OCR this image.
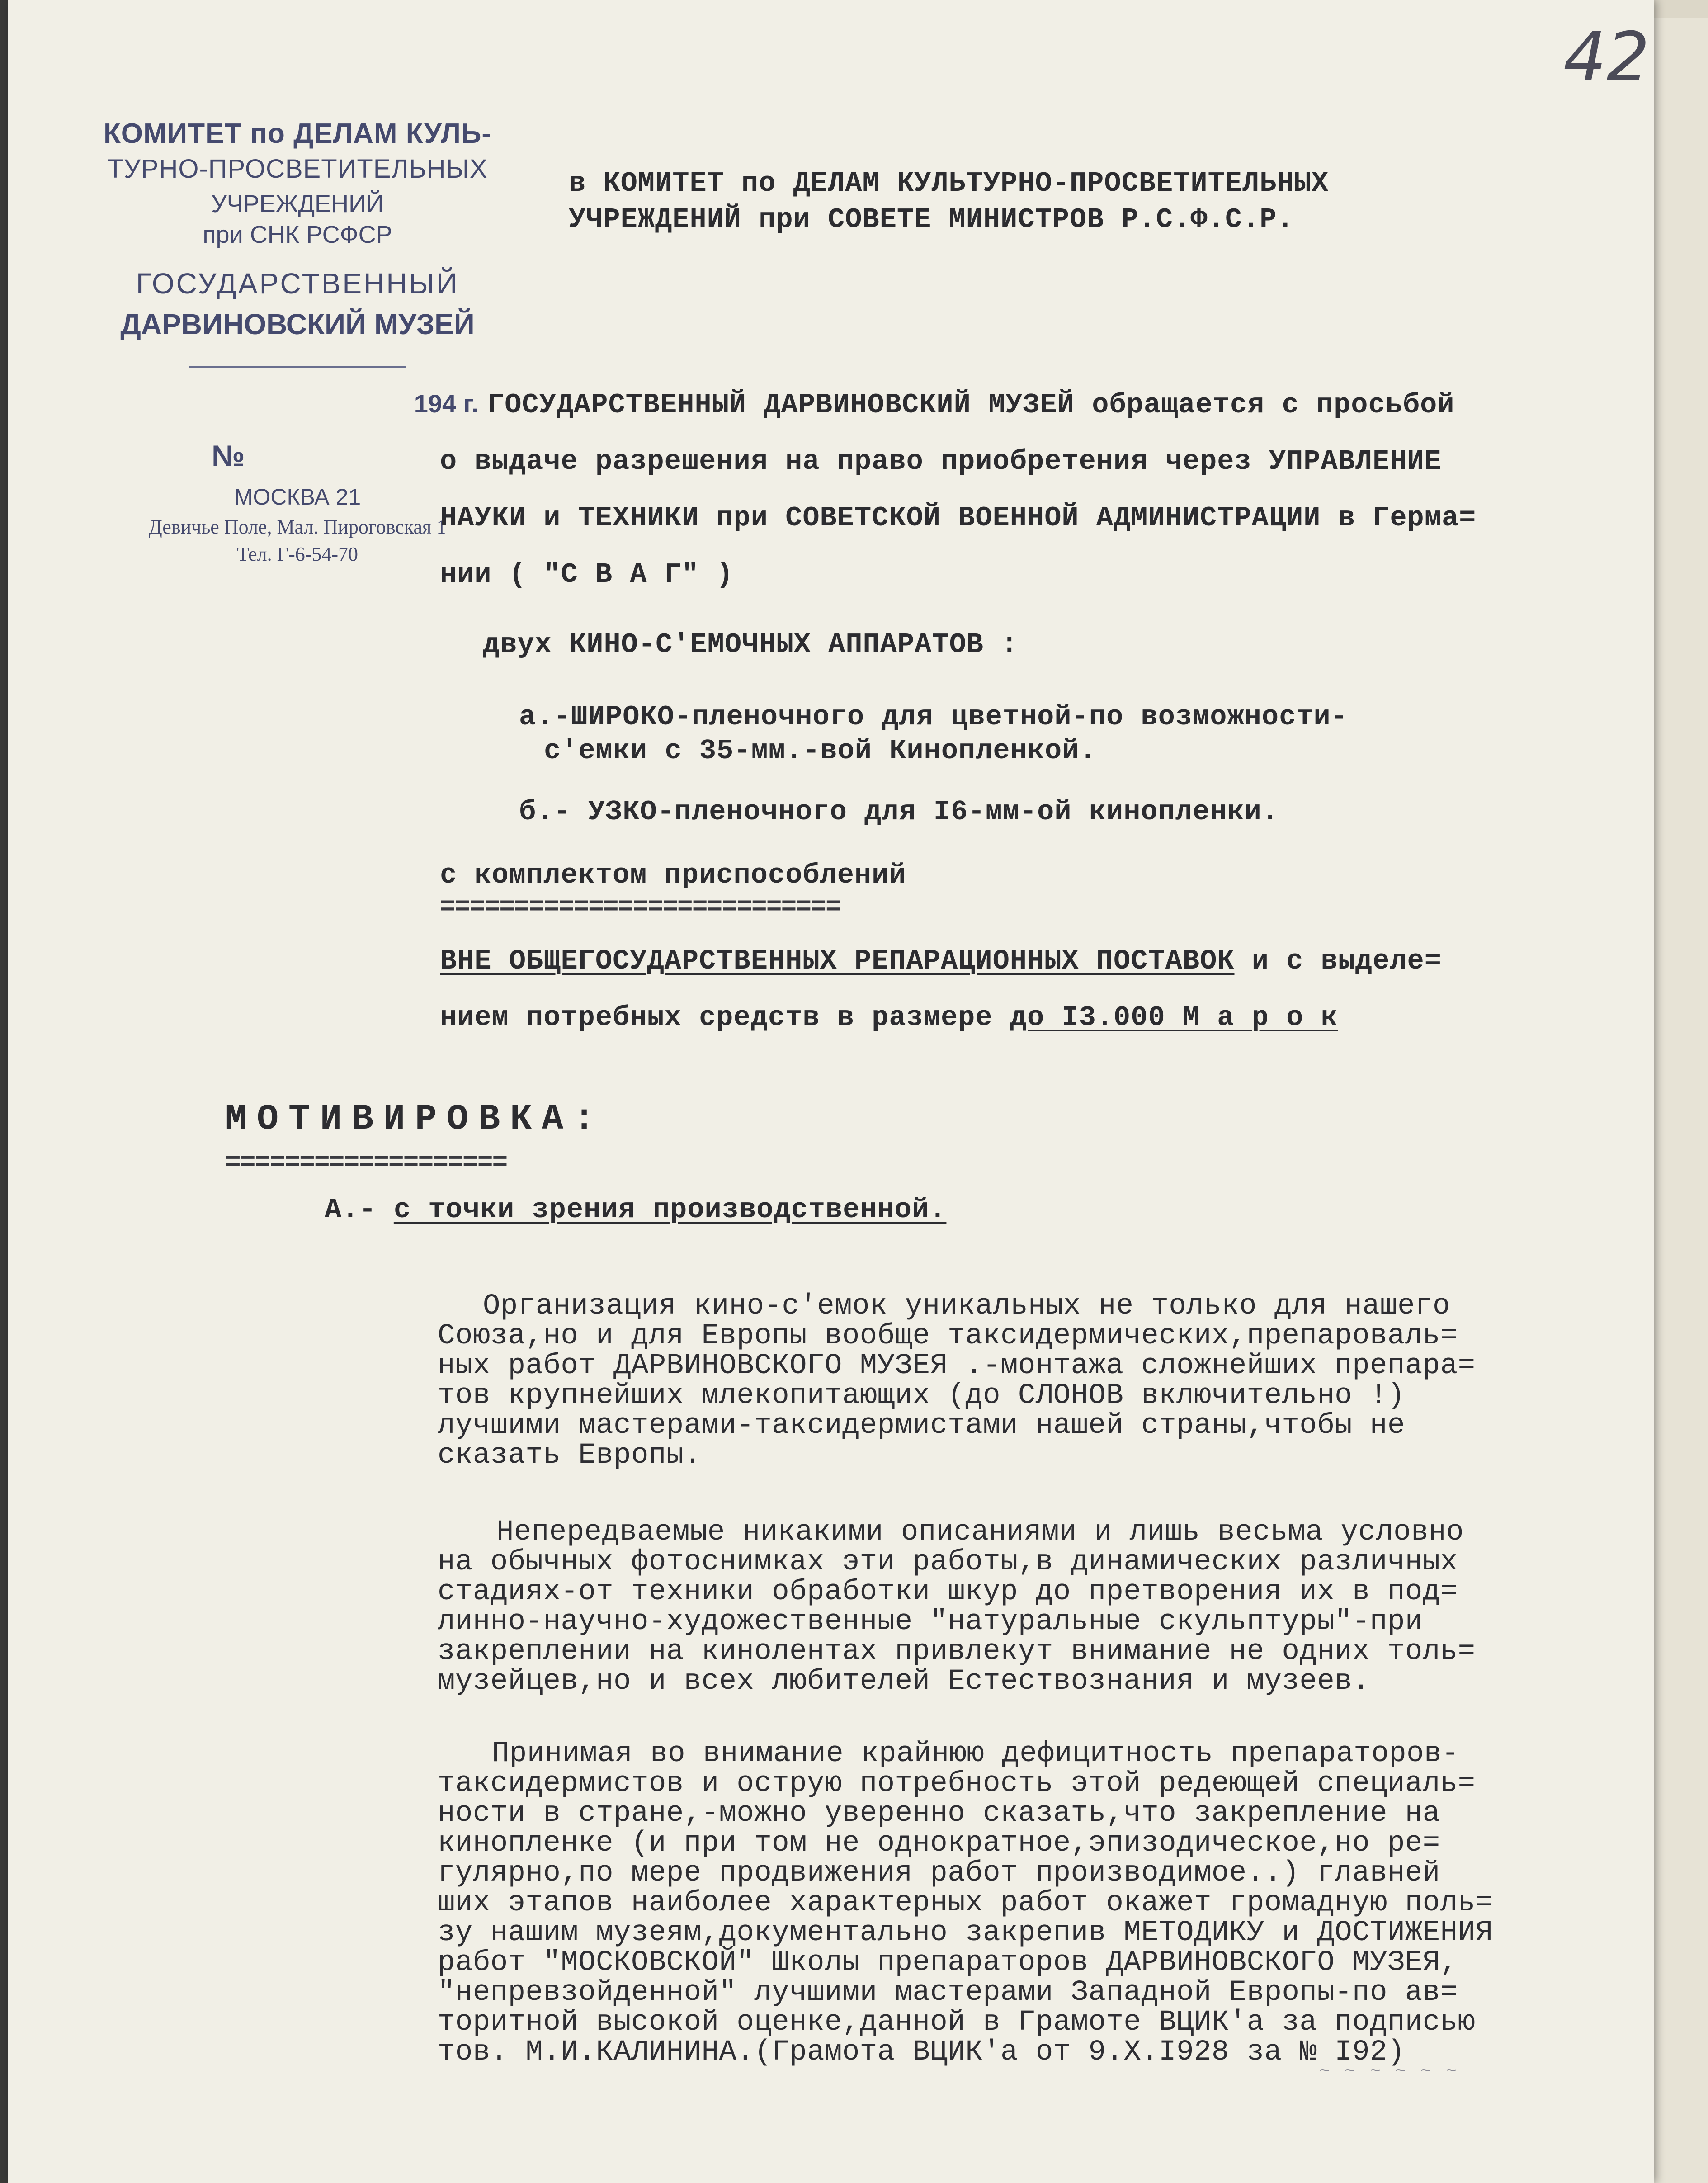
42
КОМИТЕТ по ДЕЛАМ КУЛЬ-
ТУРНО-ПРОСВЕТИТЕЛЬНЫХ
УЧРЕЖДЕНИЙ
при СНК РСФСР
ГОСУДАРСТВЕННЫЙ
ДАРВИНОВСКИЙ МУЗЕЙ
194 г.
№
МОСКВА 21
Девичье Поле, Мал. Пироговская 1
Тел. Г-6-54-70
в КОМИТЕТ по ДЕЛАМ КУЛЬТУРНО-ПРОСВЕТИТЕЛЬНЫХ
УЧРЕЖДЕНИЙ при СОВЕТЕ МИНИСТРОВ Р.С.Ф.С.Р.
ГОСУДАРСТВЕННЫЙ ДАРВИНОВСКИЙ МУЗЕЙ обращается с просьбой
о выдаче разрешения на право приобретения через УПРАВЛЕНИЕ
НАУКИ и ТЕХНИКИ при СОВЕТСКОЙ ВОЕННОЙ АДМИНИСТРАЦИИ в Герма=
нии ( "С В А Г" )
двух КИНО-С'ЕМОЧНЫХ АППАРАТОВ :
а.-ШИРОКО-пленочного для цветной-по возможности-
с'емки с 35-мм.-вой Кинопленкой.
б.- УЗКО-пленочного для I6-мм-ой кинопленки.
с комплектом приспособлений
===========================
ВНЕ ОБЩЕГОСУДАРСТВЕННЫХ РЕПАРАЦИОННЫХ ПОСТАВОК и с выделе=
нием потребных средств в размере до I3.000 М а р о к
МОТИВИРОВКА:
===================
А.- с точки зрения производственной.

Организация кино-с'емок уникальных не только для нашего
Союза,но и для Европы вообще таксидермических,препароваль=
ных работ ДАРВИНОВСКОГО МУЗЕЯ .-монтажа сложнейших препара=
тов крупнейших млекопитающих (до СЛОНОВ включительно !)
лучшими мастерами-таксидермистами нашей страны,чтобы не
сказать Европы.

Непередваемые никакими описаниями и лишь весьма условно
на обычных фотоснимках эти работы,в динамических различных
стадиях-от техники обработки шкур до претворения их в под=
линно-научно-художественные "натуральные скульптуры"-при
закреплении на кинолентах привлекут внимание не одних толь=
музейцев,но и всех любителей Естествознания и музеев.

Принимая во внимание крайнюю дефицитность препараторов-
таксидермистов и острую потребность этой редеющей специаль=
ности в стране,-можно уверенно сказать,что закрепление на
кинопленке (и при том не однократное,эпизодическое,но ре=
гулярно,по мере продвижения работ производимое..) главней
ших этапов наиболее характерных работ окажет громадную поль=
зу нашим музеям,документально закрепив МЕТОДИКУ и ДОСТИЖЕНИЯ
работ "МОСКОВСКОЙ" Школы препараторов ДАРВИНОВСКОГО МУЗЕЯ,
"непревзойденной" лучшими мастерами Западной Европы-по ав=
торитной высокой оценке,данной в Грамоте ВЦИК'а за подписью
тов. М.И.КАЛИНИНА.(Грамота ВЦИК'а от 9.Х.I928 за № I92)
~ ~ ~ ~ ~ ~
